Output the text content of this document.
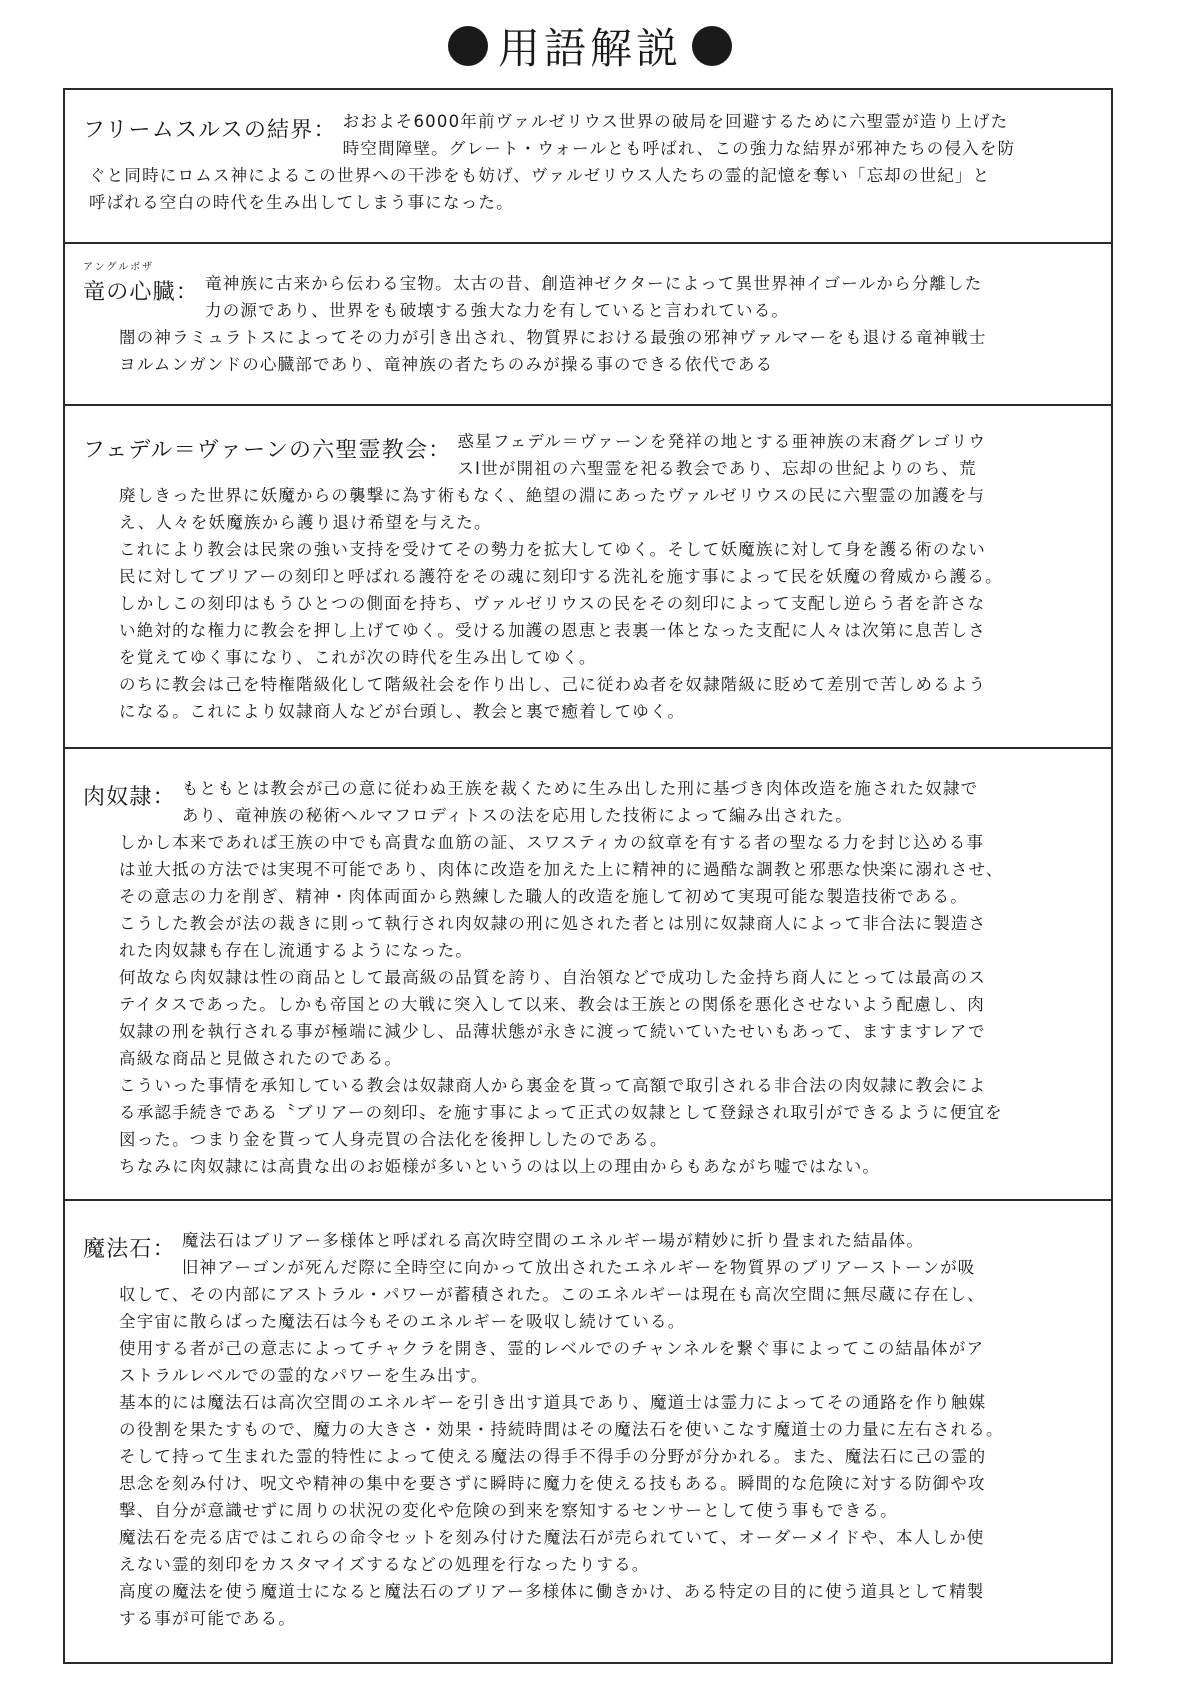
用語解説
フリームスルスの結界： おおよそ6000年前ヴァルゼリウス世界の破局を回避するために六聖霊が造り上げた

時空間障壁。グレート・ウォールとも呼ばれ、この強力な結界が邪神たちの侵入を防

ぐと同時にロムス神によるこの世界への干渉をも妨げ、ヴァルゼリウス人たちの霊的記憶を奪い「忘却の世紀」と

呼ばれる空白の時代を生み出してしまう事になった。

アングルボザ
竜の心臓： 竜神族に古来から伝わる宝物。太古の昔、創造神ゼクターによって異世界神イゴールから分離した

力の源であり、世界をも破壊する強大な力を有していると言われている。

闇の神ラミュラトスによってその力が引き出され、物質界における最強の邪神ヴァルマーをも退ける竜神戦士

ヨルムンガンドの心臓部であり、竜神族の者たちのみが操る事のできる依代である

フェデル＝ヴァーンの六聖霊教会： 惑星フェデル＝ヴァーンを発祥の地とする亜神族の末裔グレゴリウ

スⅠ世が開祖の六聖霊を祀る教会であり、忘却の世紀よりのち、荒

廃しきった世界に妖魔からの襲撃に為す術もなく、絶望の淵にあったヴァルゼリウスの民に六聖霊の加護を与

え、人々を妖魔族から護り退け希望を与えた。

これにより教会は民衆の強い支持を受けてその勢力を拡大してゆく。そして妖魔族に対して身を護る術のない

民に対してブリアーの刻印と呼ばれる護符をその魂に刻印する洗礼を施す事によって民を妖魔の脅威から護る。

しかしこの刻印はもうひとつの側面を持ち、ヴァルゼリウスの民をその刻印によって支配し逆らう者を許さな

い絶対的な権力に教会を押し上げてゆく。受ける加護の恩恵と表裏一体となった支配に人々は次第に息苦しさ

を覚えてゆく事になり、これが次の時代を生み出してゆく。

のちに教会は己を特権階級化して階級社会を作り出し、己に従わぬ者を奴隷階級に貶めて差別で苦しめるよう

になる。これにより奴隷商人などが台頭し、教会と裏で癒着してゆく。

肉奴隷： もともとは教会が己の意に従わぬ王族を裁くために生み出した刑に基づき肉体改造を施された奴隷で

あり、竜神族の秘術ヘルマフロディトスの法を応用した技術によって編み出された。

しかし本来であれば王族の中でも高貴な血筋の証、スワスティカの紋章を有する者の聖なる力を封じ込める事

は並大抵の方法では実現不可能であり、肉体に改造を加えた上に精神的に過酷な調教と邪悪な快楽に溺れさせ、

その意志の力を削ぎ、精神・肉体両面から熟練した職人的改造を施して初めて実現可能な製造技術である。

こうした教会が法の裁きに則って執行され肉奴隷の刑に処された者とは別に奴隷商人によって非合法に製造さ

れた肉奴隷も存在し流通するようになった。

何故なら肉奴隷は性の商品として最高級の品質を誇り、自治領などで成功した金持ち商人にとっては最高のス

テイタスであった。しかも帝国との大戦に突入して以来、教会は王族との関係を悪化させないよう配慮し、肉

奴隷の刑を執行される事が極端に減少し、品薄状態が永きに渡って続いていたせいもあって、ますますレアで

高級な商品と見做されたのである。

こういった事情を承知している教会は奴隷商人から裏金を貰って高額で取引される非合法の肉奴隷に教会によ

る承認手続きである〝ブリアーの刻印〟を施す事によって正式の奴隷として登録され取引ができるように便宜を

図った。つまり金を貰って人身売買の合法化を後押ししたのである。

ちなみに肉奴隷には高貴な出のお姫様が多いというのは以上の理由からもあながち嘘ではない。

魔法石： 魔法石はブリアー多様体と呼ばれる高次時空間のエネルギー場が精妙に折り畳まれた結晶体。

旧神アーゴンが死んだ際に全時空に向かって放出されたエネルギーを物質界のブリアーストーンが吸

収して、その内部にアストラル・パワーが蓄積された。このエネルギーは現在も高次空間に無尽蔵に存在し、

全宇宙に散らばった魔法石は今もそのエネルギーを吸収し続けている。

使用する者が己の意志によってチャクラを開き、霊的レベルでのチャンネルを繋ぐ事によってこの結晶体がア

ストラルレベルでの霊的なパワーを生み出す。

基本的には魔法石は高次空間のエネルギーを引き出す道具であり、魔道士は霊力によってその通路を作り触媒

の役割を果たすもので、魔力の大きさ・効果・持続時間はその魔法石を使いこなす魔道士の力量に左右される。

そして持って生まれた霊的特性によって使える魔法の得手不得手の分野が分かれる。また、魔法石に己の霊的

思念を刻み付け、呪文や精神の集中を要さずに瞬時に魔力を使える技もある。瞬間的な危険に対する防御や攻

撃、自分が意識せずに周りの状況の変化や危険の到来を察知するセンサーとして使う事もできる。

魔法石を売る店ではこれらの命令セットを刻み付けた魔法石が売られていて、オーダーメイドや、本人しか使

えない霊的刻印をカスタマイズするなどの処理を行なったりする。

高度の魔法を使う魔道士になると魔法石のブリアー多様体に働きかけ、ある特定の目的に使う道具として精製

する事が可能である。
